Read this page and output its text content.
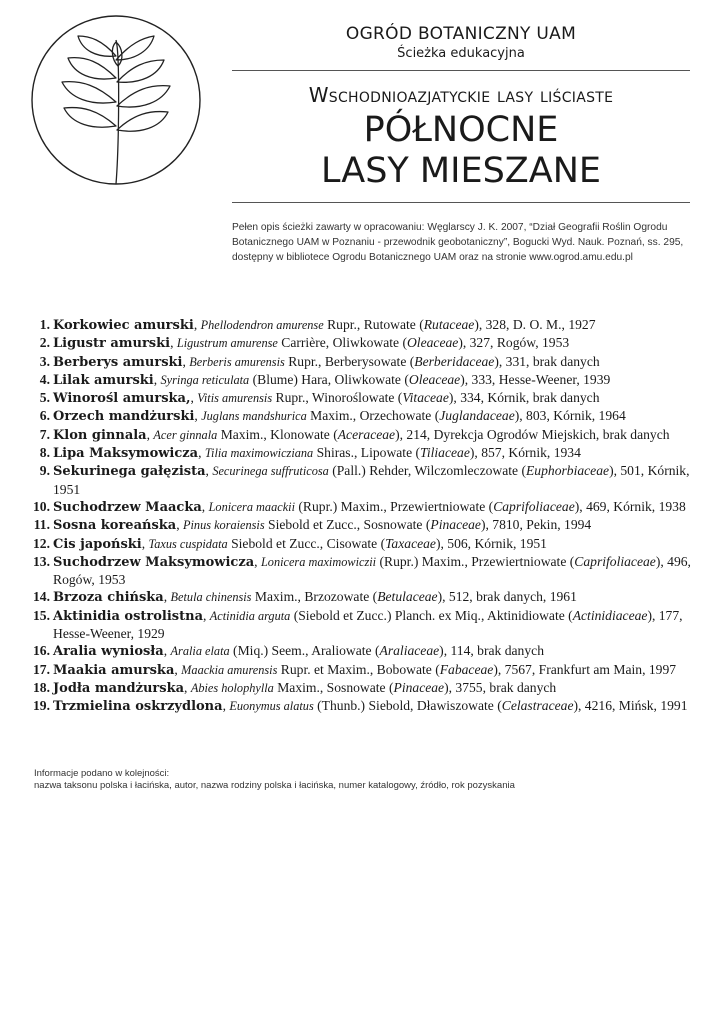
OGRÓD BOTANICZNY UAM
Ścieżka edukacyjna
Wschodnioazjatyckie lasy liściaste
PÓŁNOCNE
LASY MIESZANE
Pełen opis ścieżki zawarty w opracowaniu: Węglarscy J. K. 2007, “Dział Geografii Roślin Ogrodu Botanicznego UAM w Poznaniu - przewodnik geobotaniczny”, Bogucki Wyd. Nauk. Poznań, ss. 295, dostępny w bibliotece Ogrodu Botanicznego UAM oraz na stronie www.ogrod.amu.edu.pl
1. Korkowiec amurski, Phellodendron amurense Rupr., Rutowate (Rutaceae), 328, D. O. M., 1927
2. Ligustr amurski, Ligustrum amurense Carrière, Oliwkowate (Oleaceae), 327, Rogów, 1953
3. Berberys amurski, Berberis amurensis Rupr., Berberysowate (Berberidaceae), 331, brak danych
4. Lilak amurski, Syringa reticulata (Blume) Hara, Oliwkowate (Oleaceae), 333, Hesse-Weener, 1939
5. Winorośl amurska,, Vitis amurensis Rupr., Winoroślowate (Vitaceae), 334, Kórnik, brak danych
6. Orzech mandżurski, Juglans mandshurica Maxim., Orzechowate (Juglandaceae), 803, Kórnik, 1964
7. Klon ginnala, Acer ginnala Maxim., Klonowate (Aceraceae), 214, Dyrekcja Ogrodów Miejskich, brak danych
8. Lipa Maksymowicza, Tilia maximowicziana Shiras., Lipowate (Tiliaceae), 857, Kórnik, 1934
9. Sekurinega gałęzista, Securinega suffruticosa (Pall.) Rehder, Wilczomleczowate (Euphorbiaceae), 501, Kórnik, 1951
10. Suchodrzew Maacka, Lonicera maackii (Rupr.) Maxim., Przewiertniowate (Caprifoliaceae), 469, Kórnik, 1938
11. Sosna koreańska, Pinus koraiensis Siebold et Zucc., Sosnowate (Pinaceae), 7810, Pekin, 1994
12. Cis japoński, Taxus cuspidata Siebold et Zucc., Cisowate (Taxaceae), 506, Kórnik, 1951
13. Suchodrzew Maksymowicza, Lonicera maximowiczii (Rupr.) Maxim., Przewiertniowate (Caprifoliaceae), 496, Rogów, 1953
14. Brzoza chińska, Betula chinensis Maxim., Brzozowate (Betulaceae), 512, brak danych, 1961
15. Aktinidia ostrolistna, Actinidia arguta (Siebold et Zucc.) Planch. ex Miq., Aktinidiowate (Actinidiaceae), 177, Hesse-Weener, 1929
16. Aralia wyniosła, Aralia elata (Miq.) Seem., Araliowate (Araliaceae), 114, brak danych
17. Maakia amurska, Maackia amurensis Rupr. et Maxim., Bobowate (Fabaceae), 7567, Frankfurt am Main, 1997
18. Jodła mandżurska, Abies holophylla Maxim., Sosnowate (Pinaceae), 3755, brak danych
19. Trzmielina oskrzydlona, Euonymus alatus (Thunb.) Siebold, Dławiszowate (Celastraceae), 4216, Mińsk, 1991
Informacje podano w kolejności:
nazwa taksonu polska i łacińska, autor, nazwa rodziny polska i łacińska, numer katalogowy, źródło, rok pozyskania
